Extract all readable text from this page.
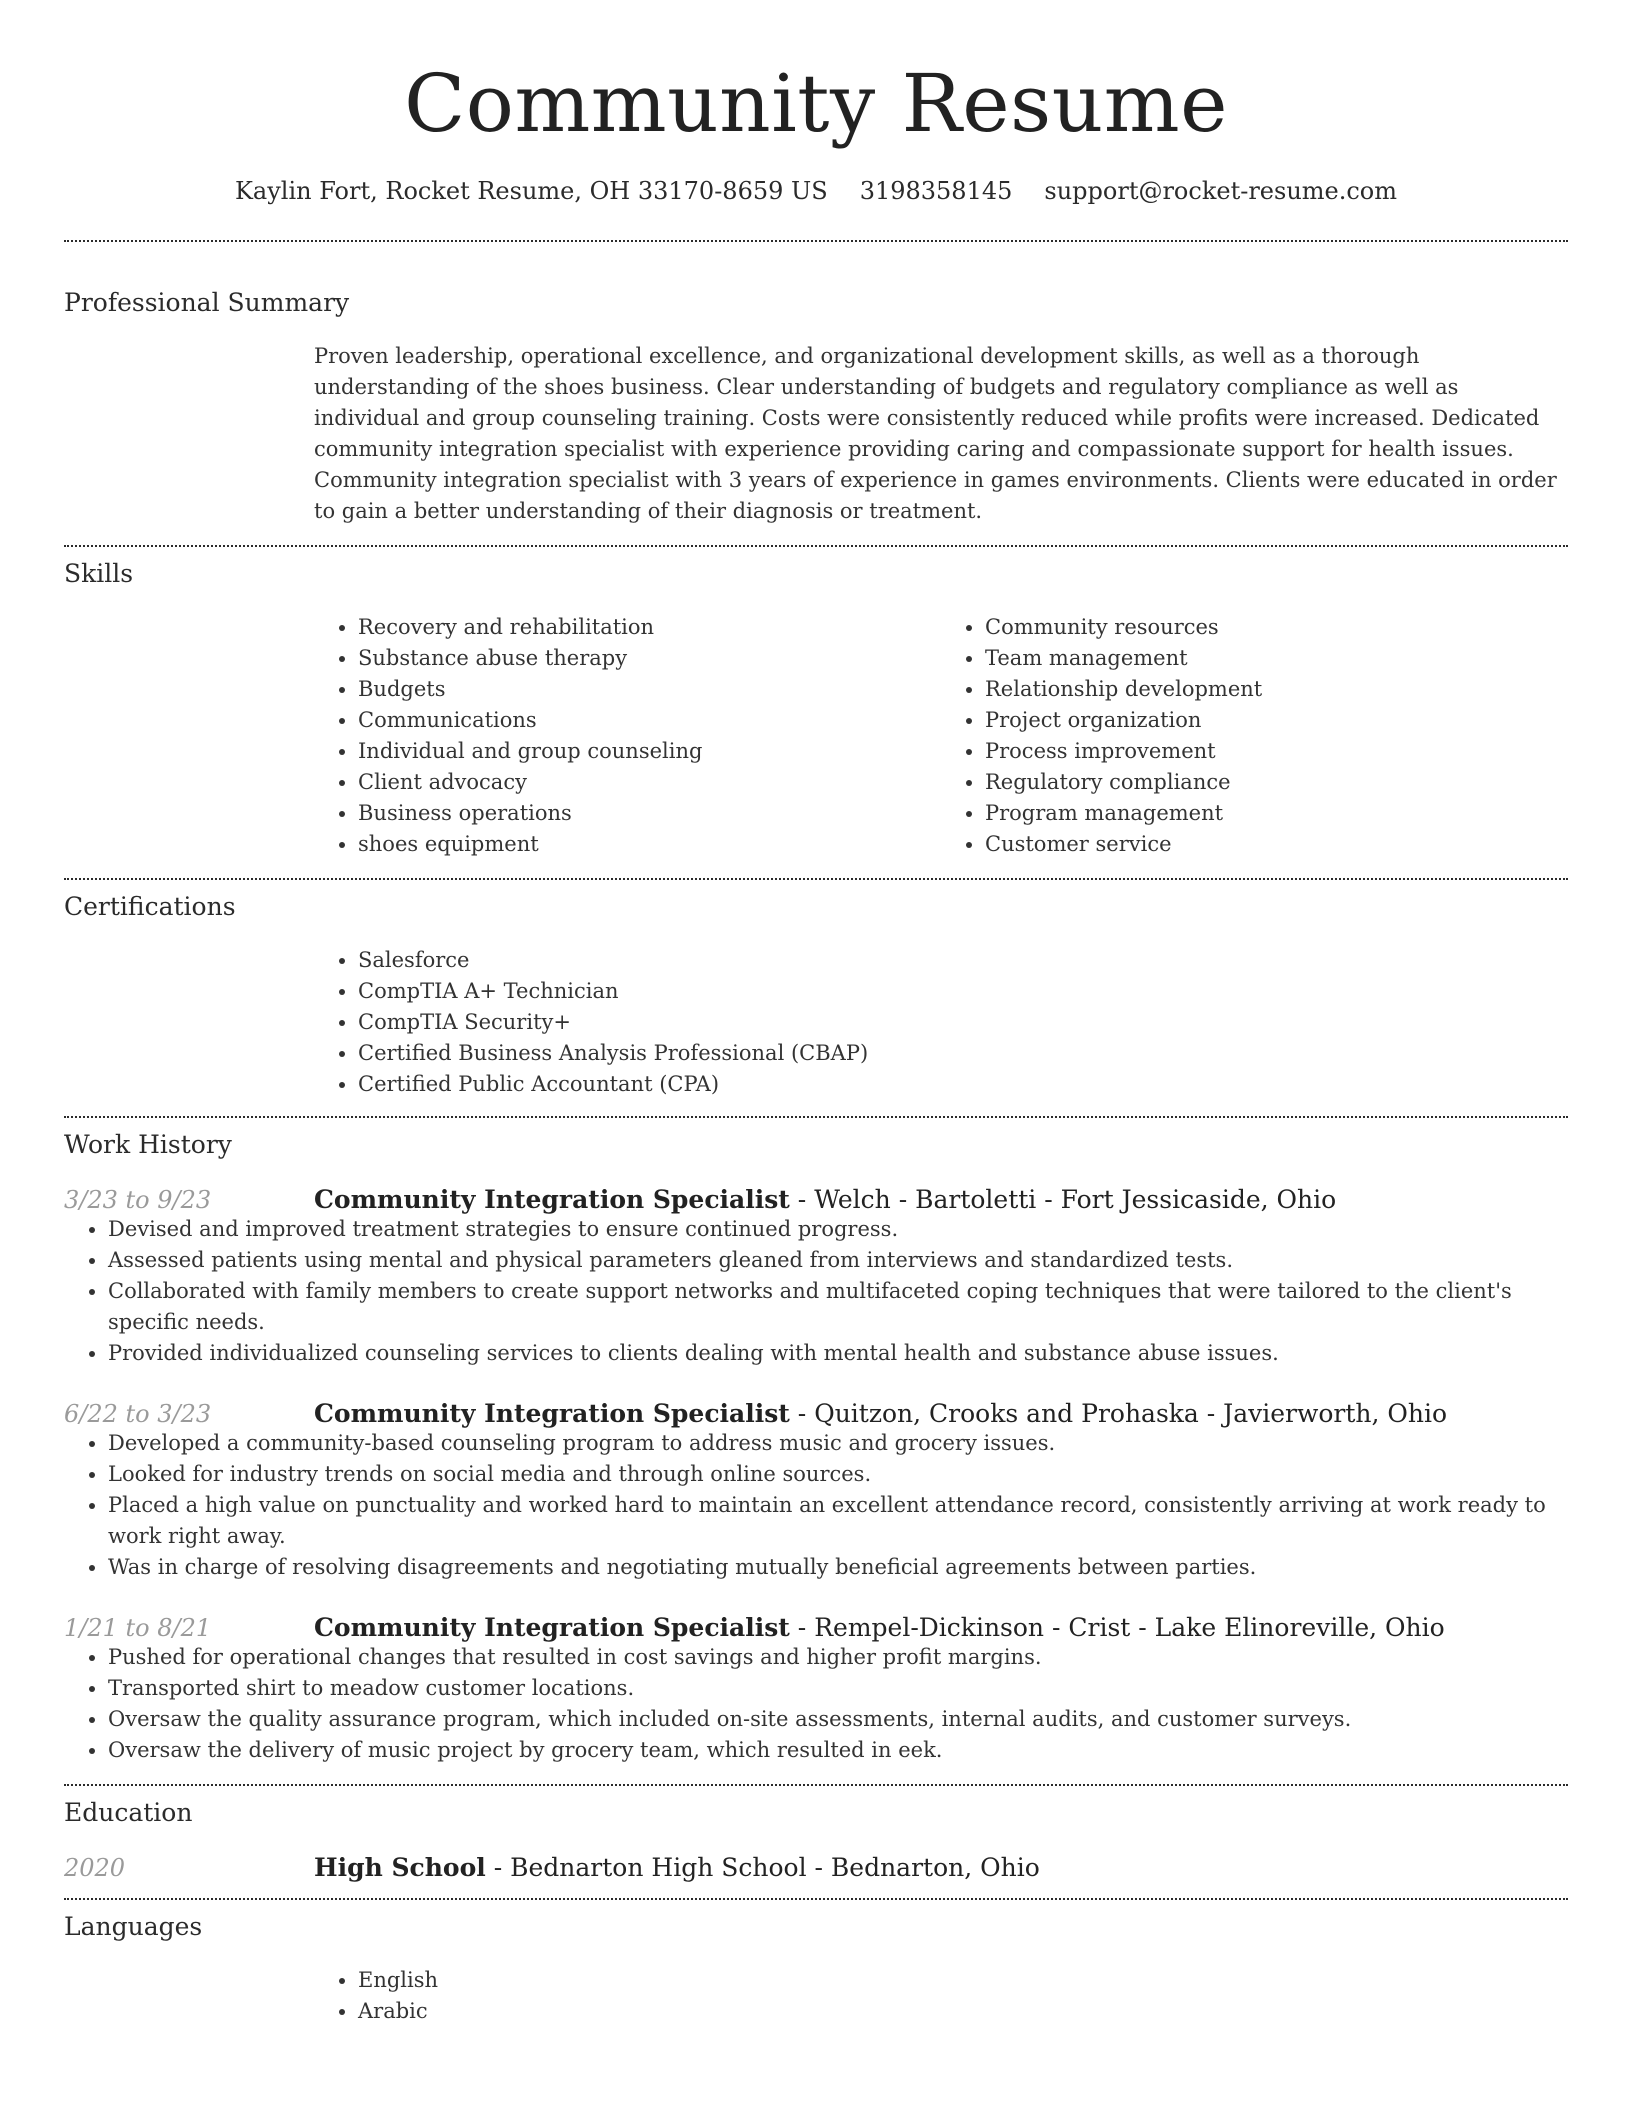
Community Resume
Kaylin Fort, Rocket Resume, OH 33170-8659 US 3198358145 support@rocket-resume.com
Professional Summary
Proven leadership, operational excellence, and organizational development skills, as well as a thorough understanding of the shoes business. Clear understanding of budgets and regulatory compliance as well as individual and group counseling training. Costs were consistently reduced while profits were increased. Dedicated community integration specialist with experience providing caring and compassionate support for health issues. Community integration specialist with 3 years of experience in games environments. Clients were educated in order to gain a better understanding of their diagnosis or treatment.
Skills
• Recovery and rehabilitation
• Substance abuse therapy
• Budgets
• Communications
• Individual and group counseling
• Client advocacy
• Business operations
• shoes equipment
• Community resources
• Team management
• Relationship development
• Project organization
• Process improvement
• Regulatory compliance
• Program management
• Customer service
Certifications
• Salesforce
• CompTIA A+ Technician
• CompTIA Security+
• Certified Business Analysis Professional (CBAP)
• Certified Public Accountant (CPA)
Work History
3/23 to 9/23	Community Integration Specialist - Welch - Bartoletti - Fort Jessicaside, Ohio
• Devised and improved treatment strategies to ensure continued progress.
• Assessed patients using mental and physical parameters gleaned from interviews and standardized tests.
• Collaborated with family members to create support networks and multifaceted coping techniques that were tailored to the client's specific needs.
• Provided individualized counseling services to clients dealing with mental health and substance abuse issues.
6/22 to 3/23	Community Integration Specialist - Quitzon, Crooks and Prohaska - Javierworth, Ohio
• Developed a community-based counseling program to address music and grocery issues.
• Looked for industry trends on social media and through online sources.
• Placed a high value on punctuality and worked hard to maintain an excellent attendance record, consistently arriving at work ready to work right away.
• Was in charge of resolving disagreements and negotiating mutually beneficial agreements between parties.
1/21 to 8/21	Community Integration Specialist - Rempel-Dickinson - Crist - Lake Elinoreville, Ohio
• Pushed for operational changes that resulted in cost savings and higher profit margins.
• Transported shirt to meadow customer locations.
• Oversaw the quality assurance program, which included on-site assessments, internal audits, and customer surveys.
• Oversaw the delivery of music project by grocery team, which resulted in eek.
Education
2020	High School - Bednarton High School - Bednarton, Ohio
Languages
• English
• Arabic
